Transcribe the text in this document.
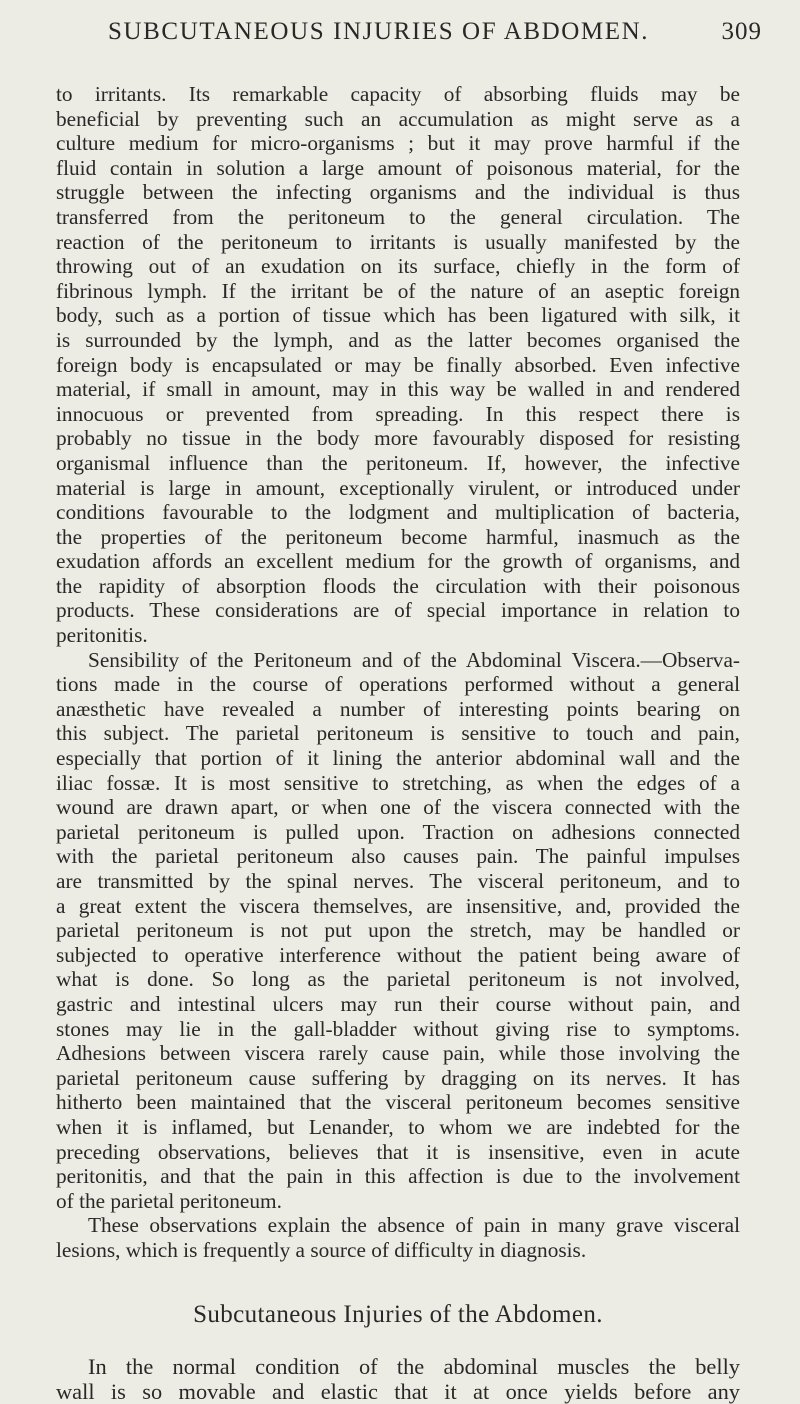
SUBCUTANEOUS INJURIES OF ABDOMEN.	309
to irritants. Its remarkable capacity of absorbing fluids may be
beneficial by preventing such an accumulation as might serve as a
culture medium for micro-organisms ; but it may prove harmful if the
fluid contain in solution a large amount of poisonous material, for the
struggle between the infecting organisms and the individual is thus
transferred from the peritoneum to the general circulation. The
reaction of the peritoneum to irritants is usually manifested by the
throwing out of an exudation on its surface, chiefly in the form of
fibrinous lymph. If the irritant be of the nature of an aseptic foreign
body, such as a portion of tissue which has been ligatured with silk, it
is surrounded by the lymph, and as the latter becomes organised the
foreign body is encapsulated or may be finally absorbed. Even infective
material, if small in amount, may in this way be walled in and rendered
innocuous or prevented from spreading. In this respect there is
probably no tissue in the body more favourably disposed for resisting
organismal influence than the peritoneum. If, however, the infective
material is large in amount, exceptionally virulent, or introduced under
conditions favourable to the lodgment and multiplication of bacteria,
the properties of the peritoneum become harmful, inasmuch as the
exudation affords an excellent medium for the growth of organisms, and
the rapidity of absorption floods the circulation with their poisonous
products. These considerations are of special importance in relation to
peritonitis.
Sensibility of the Peritoneum and of the Abdominal Viscera.—Observa-
tions made in the course of operations performed without a general
anæsthetic have revealed a number of interesting points bearing on
this subject. The parietal peritoneum is sensitive to touch and pain,
especially that portion of it lining the anterior abdominal wall and the
iliac fossæ. It is most sensitive to stretching, as when the edges of a
wound are drawn apart, or when one of the viscera connected with the
parietal peritoneum is pulled upon. Traction on adhesions connected
with the parietal peritoneum also causes pain. The painful impulses
are transmitted by the spinal nerves. The visceral peritoneum, and to
a great extent the viscera themselves, are insensitive, and, provided the
parietal peritoneum is not put upon the stretch, may be handled or
subjected to operative interference without the patient being aware of
what is done. So long as the parietal peritoneum is not involved,
gastric and intestinal ulcers may run their course without pain, and
stones may lie in the gall-bladder without giving rise to symptoms.
Adhesions between viscera rarely cause pain, while those involving the
parietal peritoneum cause suffering by dragging on its nerves. It has
hitherto been maintained that the visceral peritoneum becomes sensitive
when it is inflamed, but Lenander, to whom we are indebted for the
preceding observations, believes that it is insensitive, even in acute
peritonitis, and that the pain in this affection is due to the involvement
of the parietal peritoneum.
These observations explain the absence of pain in many grave visceral
lesions, which is frequently a source of difficulty in diagnosis.
Subcutaneous Injuries of the Abdomen.
In the normal condition of the abdominal muscles the belly
wall is so movable and elastic that it at once yields before any
